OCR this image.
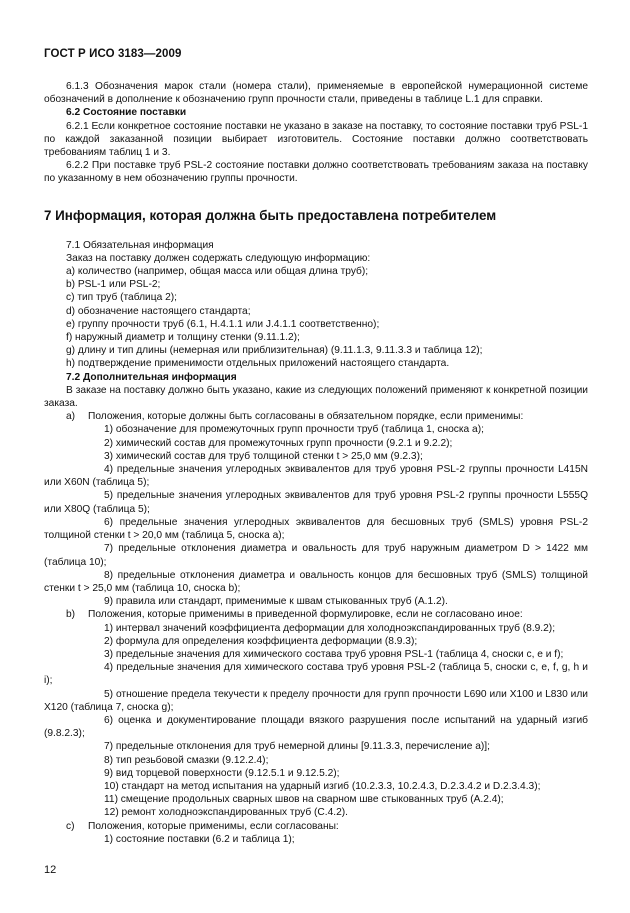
ГОСТ Р ИСО 3183—2009

6.1.3 Обозначения марок стали (номера стали), применяемые в европейской нумерационной системе обозначений в дополнение к обозначению групп прочности стали, приведены в таблице L.1 для справки.

6.2 Состояние поставки

6.2.1 Если конкретное состояние поставки не указано в заказе на поставку, то состояние поставки труб PSL-1 по каждой заказанной позиции выбирает изготовитель. Состояние поставки должно соответствовать требованиям таблиц 1 и 3.

6.2.2 При поставке труб PSL-2 состояние поставки должно соответствовать требованиям заказа на поставку по указанному в нем обозначению группы прочности.

7 Информация, которая должна быть предоставлена потребителем

7.1 Обязательная информация

Заказ на поставку должен содержать следующую информацию:

a) количество (например, общая масса или общая длина труб);

b) PSL-1 или PSL-2;

c) тип труб (таблица 2);

d) обозначение настоящего стандарта;

e) группу прочности труб (6.1, H.4.1.1 или J.4.1.1 соответственно);

f) наружный диаметр и толщину стенки (9.11.1.2);

g) длину и тип длины (немерная или приблизительная) (9.11.1.3, 9.11.3.3 и таблица 12);

h) подтверждение применимости отдельных приложений настоящего стандарта.

7.2 Дополнительная информация

В заказе на поставку должно быть указано, какие из следующих положений применяют к конкретной позиции заказа.

a) Положения, которые должны быть согласованы в обязательном порядке, если применимы:

1) обозначение для промежуточных групп прочности труб (таблица 1, сноска а);

2) химический состав для промежуточных групп прочности (9.2.1 и 9.2.2);

3) химический состав для труб толщиной стенки t > 25,0 мм (9.2.3);

4) предельные значения углеродных эквивалентов для труб уровня PSL-2 группы прочности L415N или X60N (таблица 5);

5) предельные значения углеродных эквивалентов для труб уровня PSL-2 группы прочности L555Q или X80Q (таблица 5);

6) предельные значения углеродных эквивалентов для бесшовных труб (SMLS) уровня PSL-2 толщиной стенки t > 20,0 мм (таблица 5, сноска а);

7) предельные отклонения диаметра и овальность для труб наружным диаметром D > 1422 мм (таблица 10);

8) предельные отклонения диаметра и овальность концов для бесшовных труб (SMLS) толщиной стенки t > 25,0 мм (таблица 10, сноска b);

9) правила или стандарт, применимые к швам стыкованных труб (А.1.2).

b) Положения, которые применимы в приведенной формулировке, если не согласовано иное:

1) интервал значений коэффициента деформации для холодноэкспандированных труб (8.9.2);

2) формула для определения коэффициента деформации (8.9.3);

3) предельные значения для химического состава труб уровня PSL-1 (таблица 4, сноски с, е и f);

4) предельные значения для химического состава труб уровня PSL-2 (таблица 5, сноски с, е, f, g, h и i);

5) отношение предела текучести к пределу прочности для групп прочности L690 или X100 и L830 или X120 (таблица 7, сноска g);

6) оценка и документирование площади вязкого разрушения после испытаний на ударный изгиб (9.8.2.3);

7) предельные отклонения для труб немерной длины [9.11.3.3, перечисление а)];

8) тип резьбовой смазки (9.12.2.4);

9) вид торцевой поверхности (9.12.5.1 и 9.12.5.2);

10) стандарт на метод испытания на ударный изгиб (10.2.3.3, 10.2.4.3, D.2.3.4.2 и D.2.3.4.3);

11) смещение продольных сварных швов на сварном шве стыкованных труб (А.2.4);

12) ремонт холодноэкспандированных труб (С.4.2).

c) Положения, которые применимы, если согласованы:

1) состояние поставки (6.2 и таблица 1);

12
